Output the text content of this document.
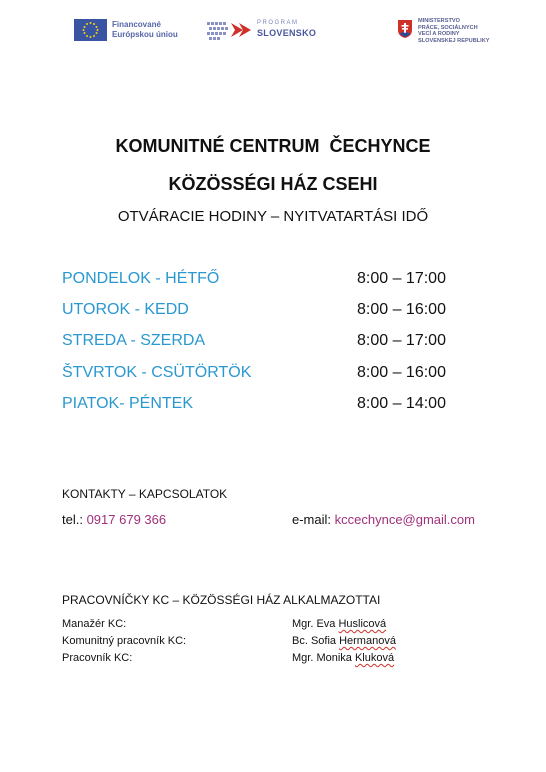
Financované
Európskou úniou
PROGRAM
SLOVENSKO
MINISTERSTVO
PRÁCE, SOCIÁLNYCH
VECÍ A RODINY
SLOVENSKEJ REPUBLIKY
KOMUNITNÉ CENTRUM  ČECHYNCE
KÖZÖSSÉGI HÁZ CSEHI
OTVÁRACIE HODINY – NYITVATARTÁSI IDŐ
PONDELOK - HÉTFŐ	8:00 – 17:00
UTOROK - KEDD	8:00 – 16:00
STREDA - SZERDA	8:00 – 17:00
ŠTVRTOK - CSÜTÖRTÖK	8:00 – 16:00
PIATOK- PÉNTEK	8:00 – 14:00
KONTAKTY – KAPCSOLATOK
tel.: 0917 679 366	e-mail: kccechynce@gmail.com
PRACOVNÍČKY KC – KÖZÖSSÉGI HÁZ ALKALMAZOTTAI
Manažér KC:	Mgr. Eva Huslicová
Komunitný pracovník KC:	Bc. Sofia Hermanová
Pracovník KC:	Mgr. Monika Kluková
